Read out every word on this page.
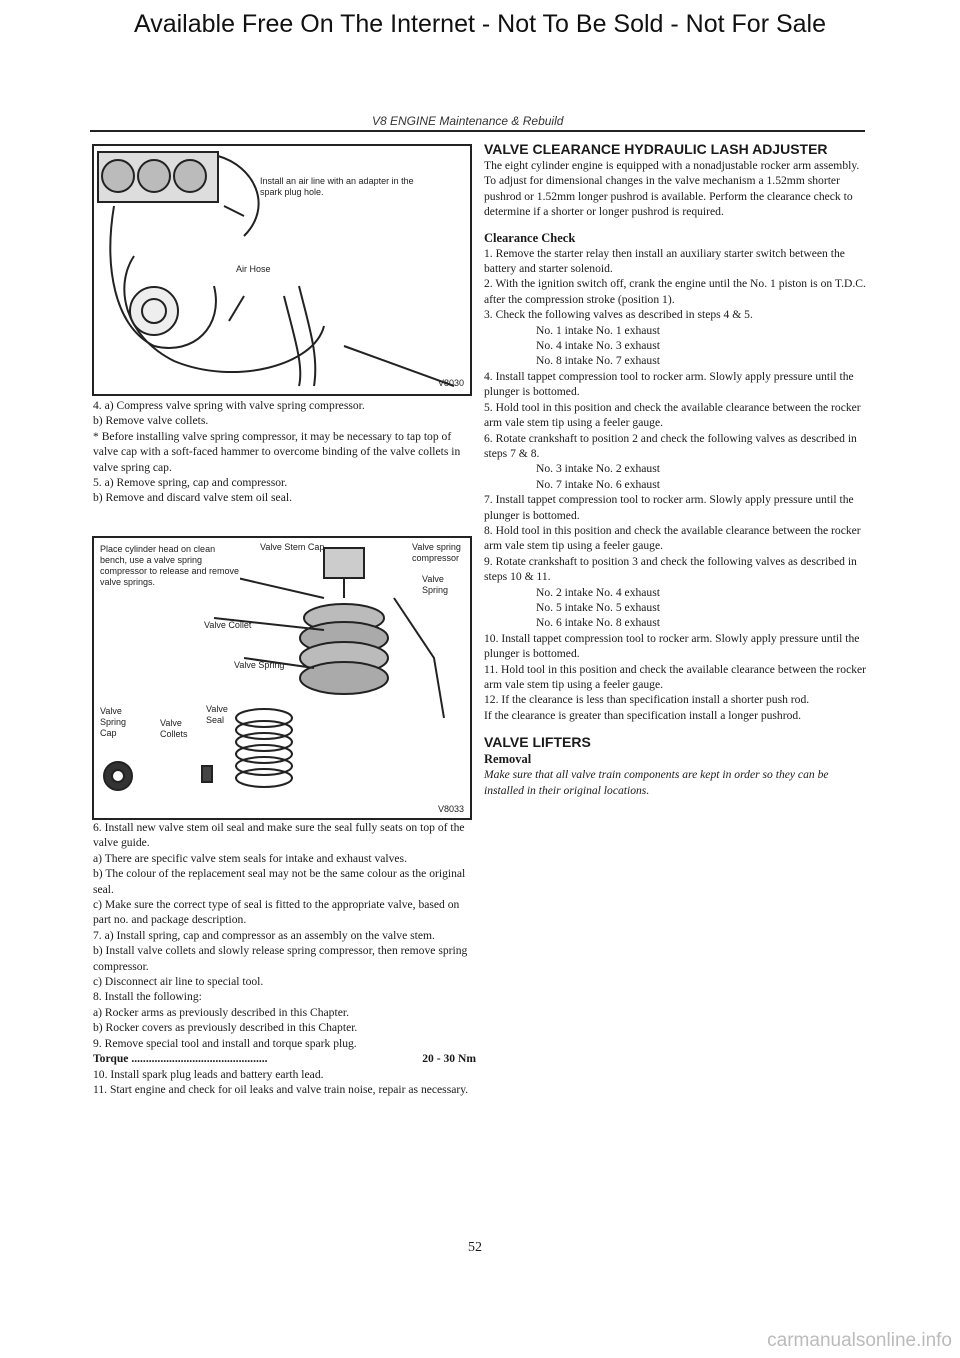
Available Free On The Internet - Not To Be Sold - Not For Sale
V8 ENGINE Maintenance & Rebuild
Install an air line with an adapter in the spark plug hole.
Air Hose
V8030
Place cylinder head on clean bench, use a valve spring compressor to release and remove valve springs.
Valve Stem Cap	Valve spring compressor
Valve Spring
Valve Collet
Valve Spring
Valve Spring Cap
Valve Seal
Valve Collets
V8033

4. a) Compress valve spring with valve spring compressor.

b) Remove valve collets.

* Before installing valve spring compressor, it may be necessary to tap top of valve cap with a soft-faced hammer to overcome binding of the valve collets in valve spring cap.

5. a) Remove spring, cap and compressor.

b) Remove and discard valve stem oil seal.

6. Install new valve stem oil seal and make sure the seal fully seats on top of the valve guide.

a) There are specific valve stem seals for intake and exhaust valves.

b) The colour of the replacement seal may not be the same colour as the original seal.

c) Make sure the correct type of seal is fitted to the appropriate valve, based on part no. and package description.

7. a) Install spring, cap and compressor as an assembly on the valve stem.

b) Install valve collets and slowly release spring compressor, then remove spring compressor.

c) Disconnect air line to special tool.

8. Install the following:

a) Rocker arms as previously described in this Chapter.

b) Rocker covers as previously described in this Chapter.

9. Remove special tool and install and torque spark plug.

Torque ...............................................	20 - 30 Nm

10. Install spark plug leads and battery earth lead.

11. Start engine and check for oil leaks and valve train noise, repair as necessary.

VALVE CLEARANCE HYDRAULIC LASH ADJUSTER

The eight cylinder engine is equipped with a nonadjustable rocker arm assembly.

To adjust for dimensional changes in the valve mechanism a 1.52mm shorter pushrod or 1.52mm longer pushrod is available. Perform the clearance check to determine if a shorter or longer pushrod is required.

Clearance Check

1. Remove the starter relay then install an auxiliary starter switch between the battery and starter solenoid.

2. With the ignition switch off, crank the engine until the No. 1 piston is on T.D.C. after the compression stroke (position 1).

3. Check the following valves as described in steps 4 & 5.

No. 1 intake No. 1 exhaust

No. 4 intake No. 3 exhaust

No. 8 intake No. 7 exhaust

4. Install tappet compression tool to rocker arm. Slowly apply pressure until the plunger is bottomed.

5. Hold tool in this position and check the available clearance between the rocker arm vale stem tip using a feeler gauge.

6. Rotate crankshaft to position 2 and check the following valves as described in steps 7 & 8.

No. 3 intake No. 2 exhaust

No. 7 intake No. 6 exhaust

7. Install tappet compression tool to rocker arm. Slowly apply pressure until the plunger is bottomed.

8. Hold tool in this position and check the available clearance between the rocker arm vale stem tip using a feeler gauge.

9. Rotate crankshaft to position 3 and check the following valves as described in steps 10 & 11.

No. 2 intake No. 4 exhaust

No. 5 intake No. 5 exhaust

No. 6 intake No. 8 exhaust

10. Install tappet compression tool to rocker arm. Slowly apply pressure until the plunger is bottomed.

11. Hold tool in this position and check the available clearance between the rocker arm vale stem tip using a feeler gauge.

12. If the clearance is less than specification install a shorter push rod.

If the clearance is greater than specification install a longer pushrod.

VALVE LIFTERS
Removal

Make sure that all valve train components are kept in order so they can be installed in their original locations.

52
carmanualsonline.info
